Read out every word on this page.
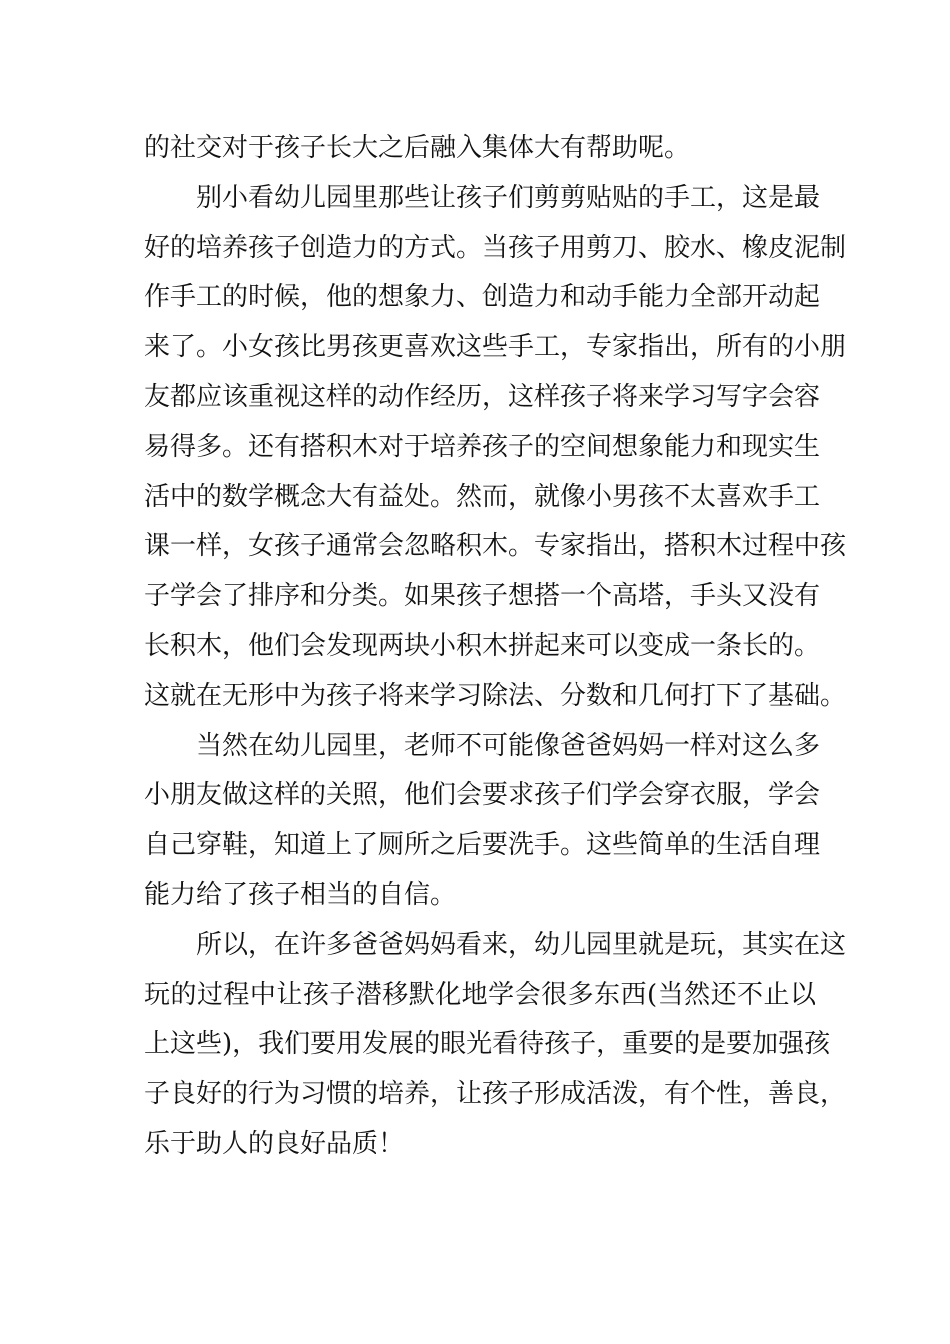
的社交对于孩子长大之后融入集体大有帮助呢。
别小看幼儿园里那些让孩子们剪剪贴贴的手工，这是最
好的培养孩子创造力的方式。当孩子用剪刀、胶水、橡皮泥制
作手工的时候，他的想象力、创造力和动手能力全部开动起
来了。小女孩比男孩更喜欢这些手工，专家指出，所有的小朋
友都应该重视这样的动作经历，这样孩子将来学习写字会容
易得多。还有搭积木对于培养孩子的空间想象能力和现实生
活中的数学概念大有益处。然而，就像小男孩不太喜欢手工
课一样，女孩子通常会忽略积木。专家指出，搭积木过程中孩
子学会了排序和分类。如果孩子想搭一个高塔，手头又没有
长积木，他们会发现两块小积木拼起来可以变成一条长的。
这就在无形中为孩子将来学习除法、分数和几何打下了基础。
当然在幼儿园里，老师不可能像爸爸妈妈一样对这么多
小朋友做这样的关照，他们会要求孩子们学会穿衣服，学会
自己穿鞋，知道上了厕所之后要洗手。这些简单的生活自理
能力给了孩子相当的自信。
所以，在许多爸爸妈妈看来，幼儿园里就是玩，其实在这
玩的过程中让孩子潜移默化地学会很多东西(当然还不止以
上这些)，我们要用发展的眼光看待孩子，重要的是要加强孩
子良好的行为习惯的培养，让孩子形成活泼，有个性，善良，
乐于助人的良好品质！
